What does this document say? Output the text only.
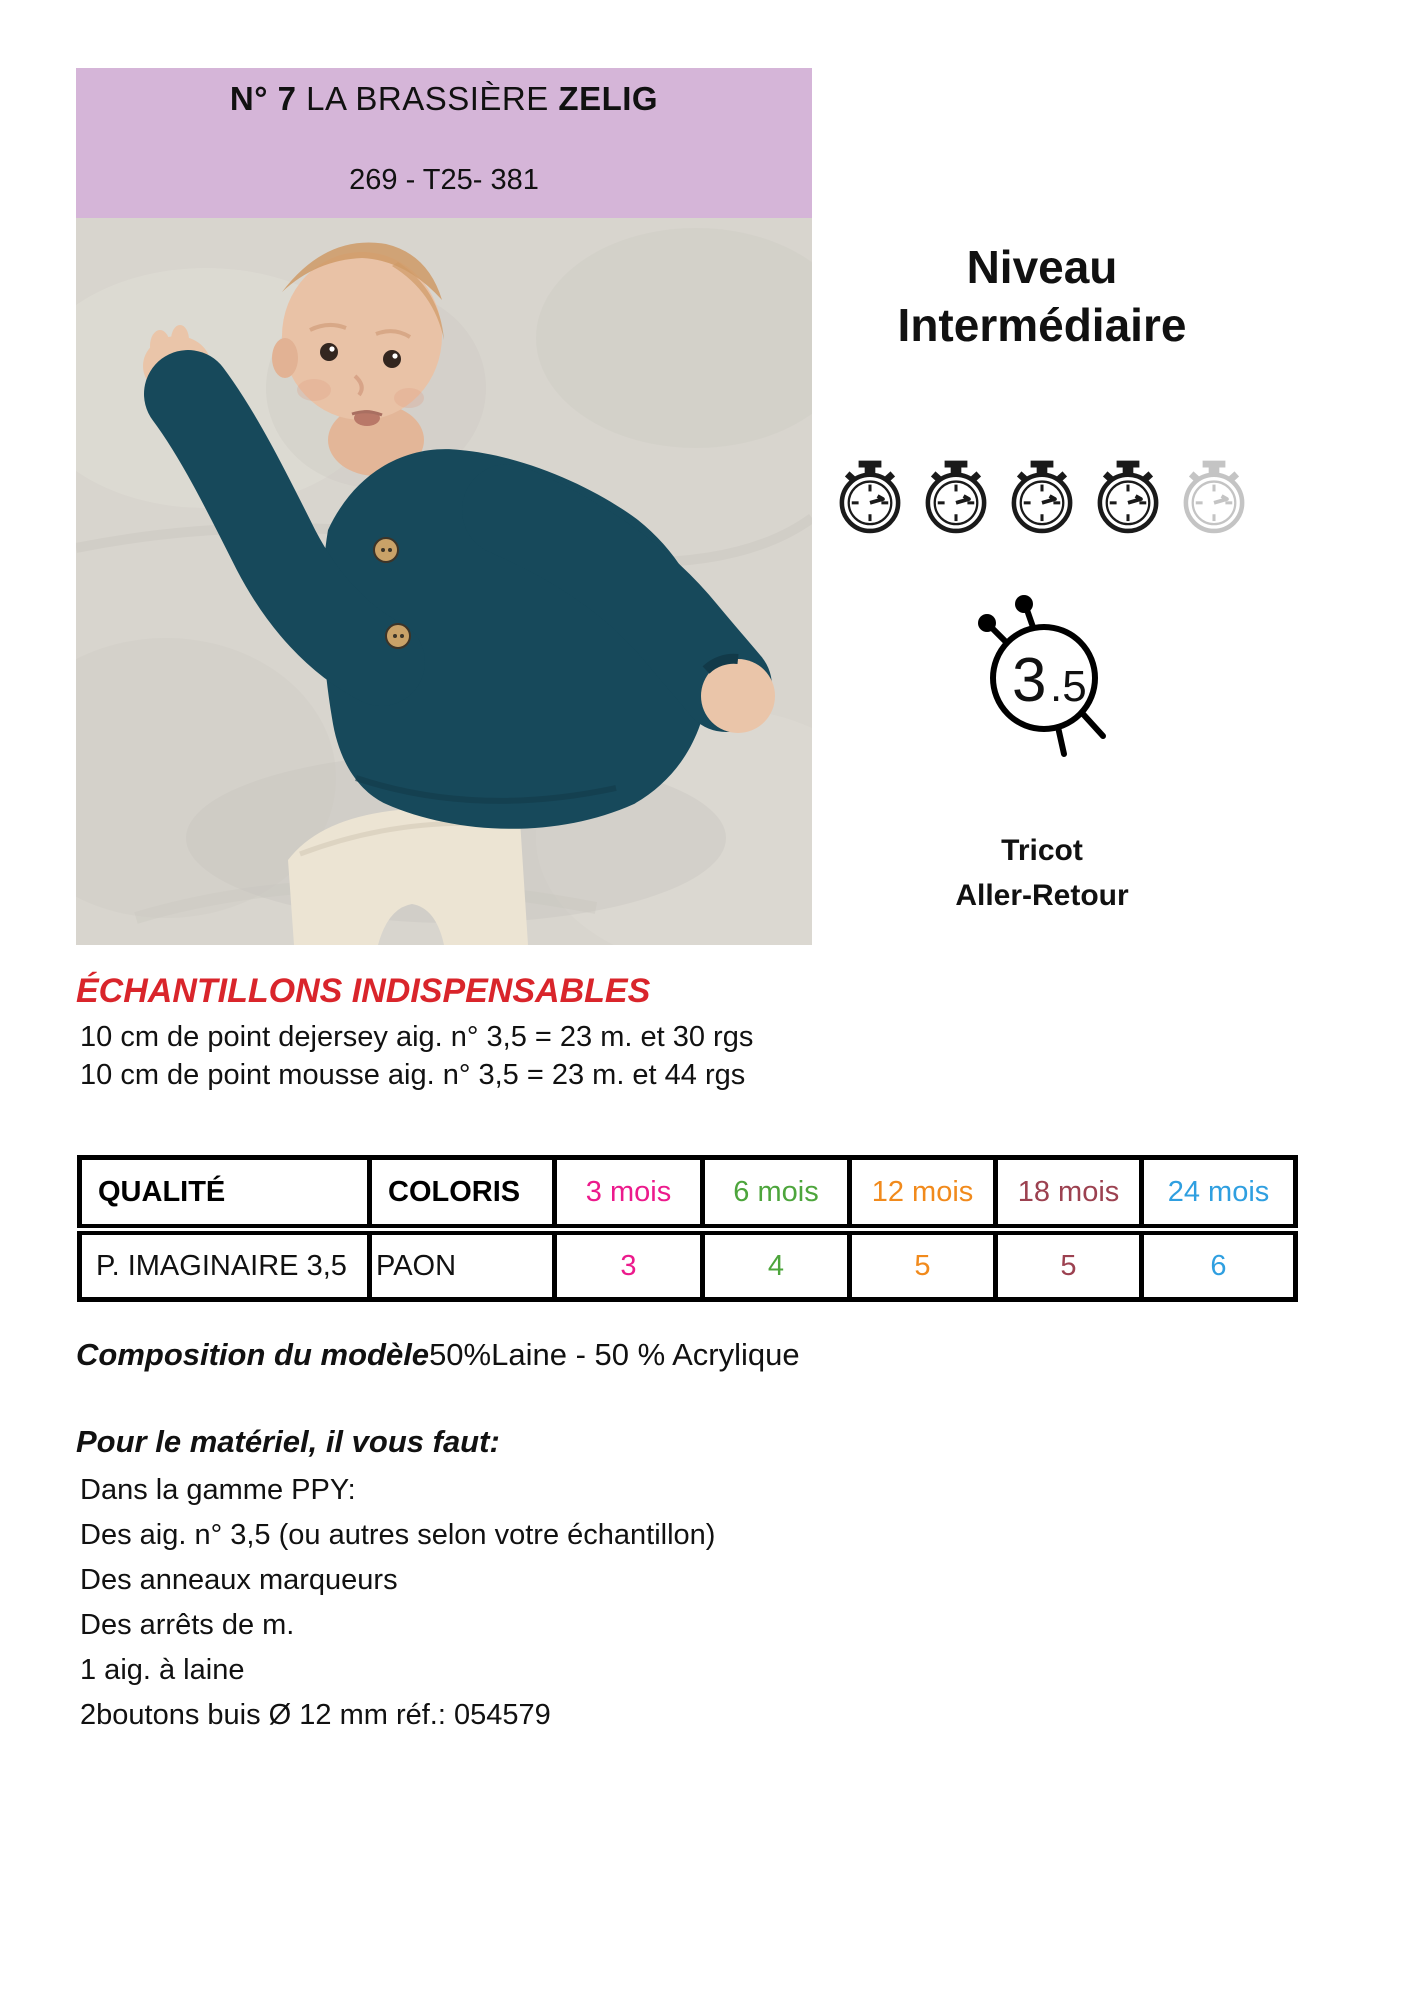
N° 7 LA BRASSIÈRE ZELIG
269 - T25- 381
Niveau
Intermédiaire
3 .5
Tricot
Aller-Retour
ÉCHANTILLONS INDISPENSABLES
10 cm de point dejersey aig. n° 3,5 = 23 m. et 30 rgs
10 cm de point mousse aig. n° 3,5 = 23 m. et 44 rgs
QUALITÉ	COLORIS	3 mois	6 mois	12 mois	18 mois	24 mois
P. IMAGINAIRE 3,5	PAON	3	4	5	5	6
Composition du modèle50%Laine - 50 % Acrylique
Pour le matériel, il vous faut:
Dans la gamme PPY:
Des aig. n° 3,5 (ou autres selon votre échantillon)
Des anneaux marqueurs
Des arrêts de m.
1 aig. à laine
2boutons buis Ø 12 mm réf.: 054579
